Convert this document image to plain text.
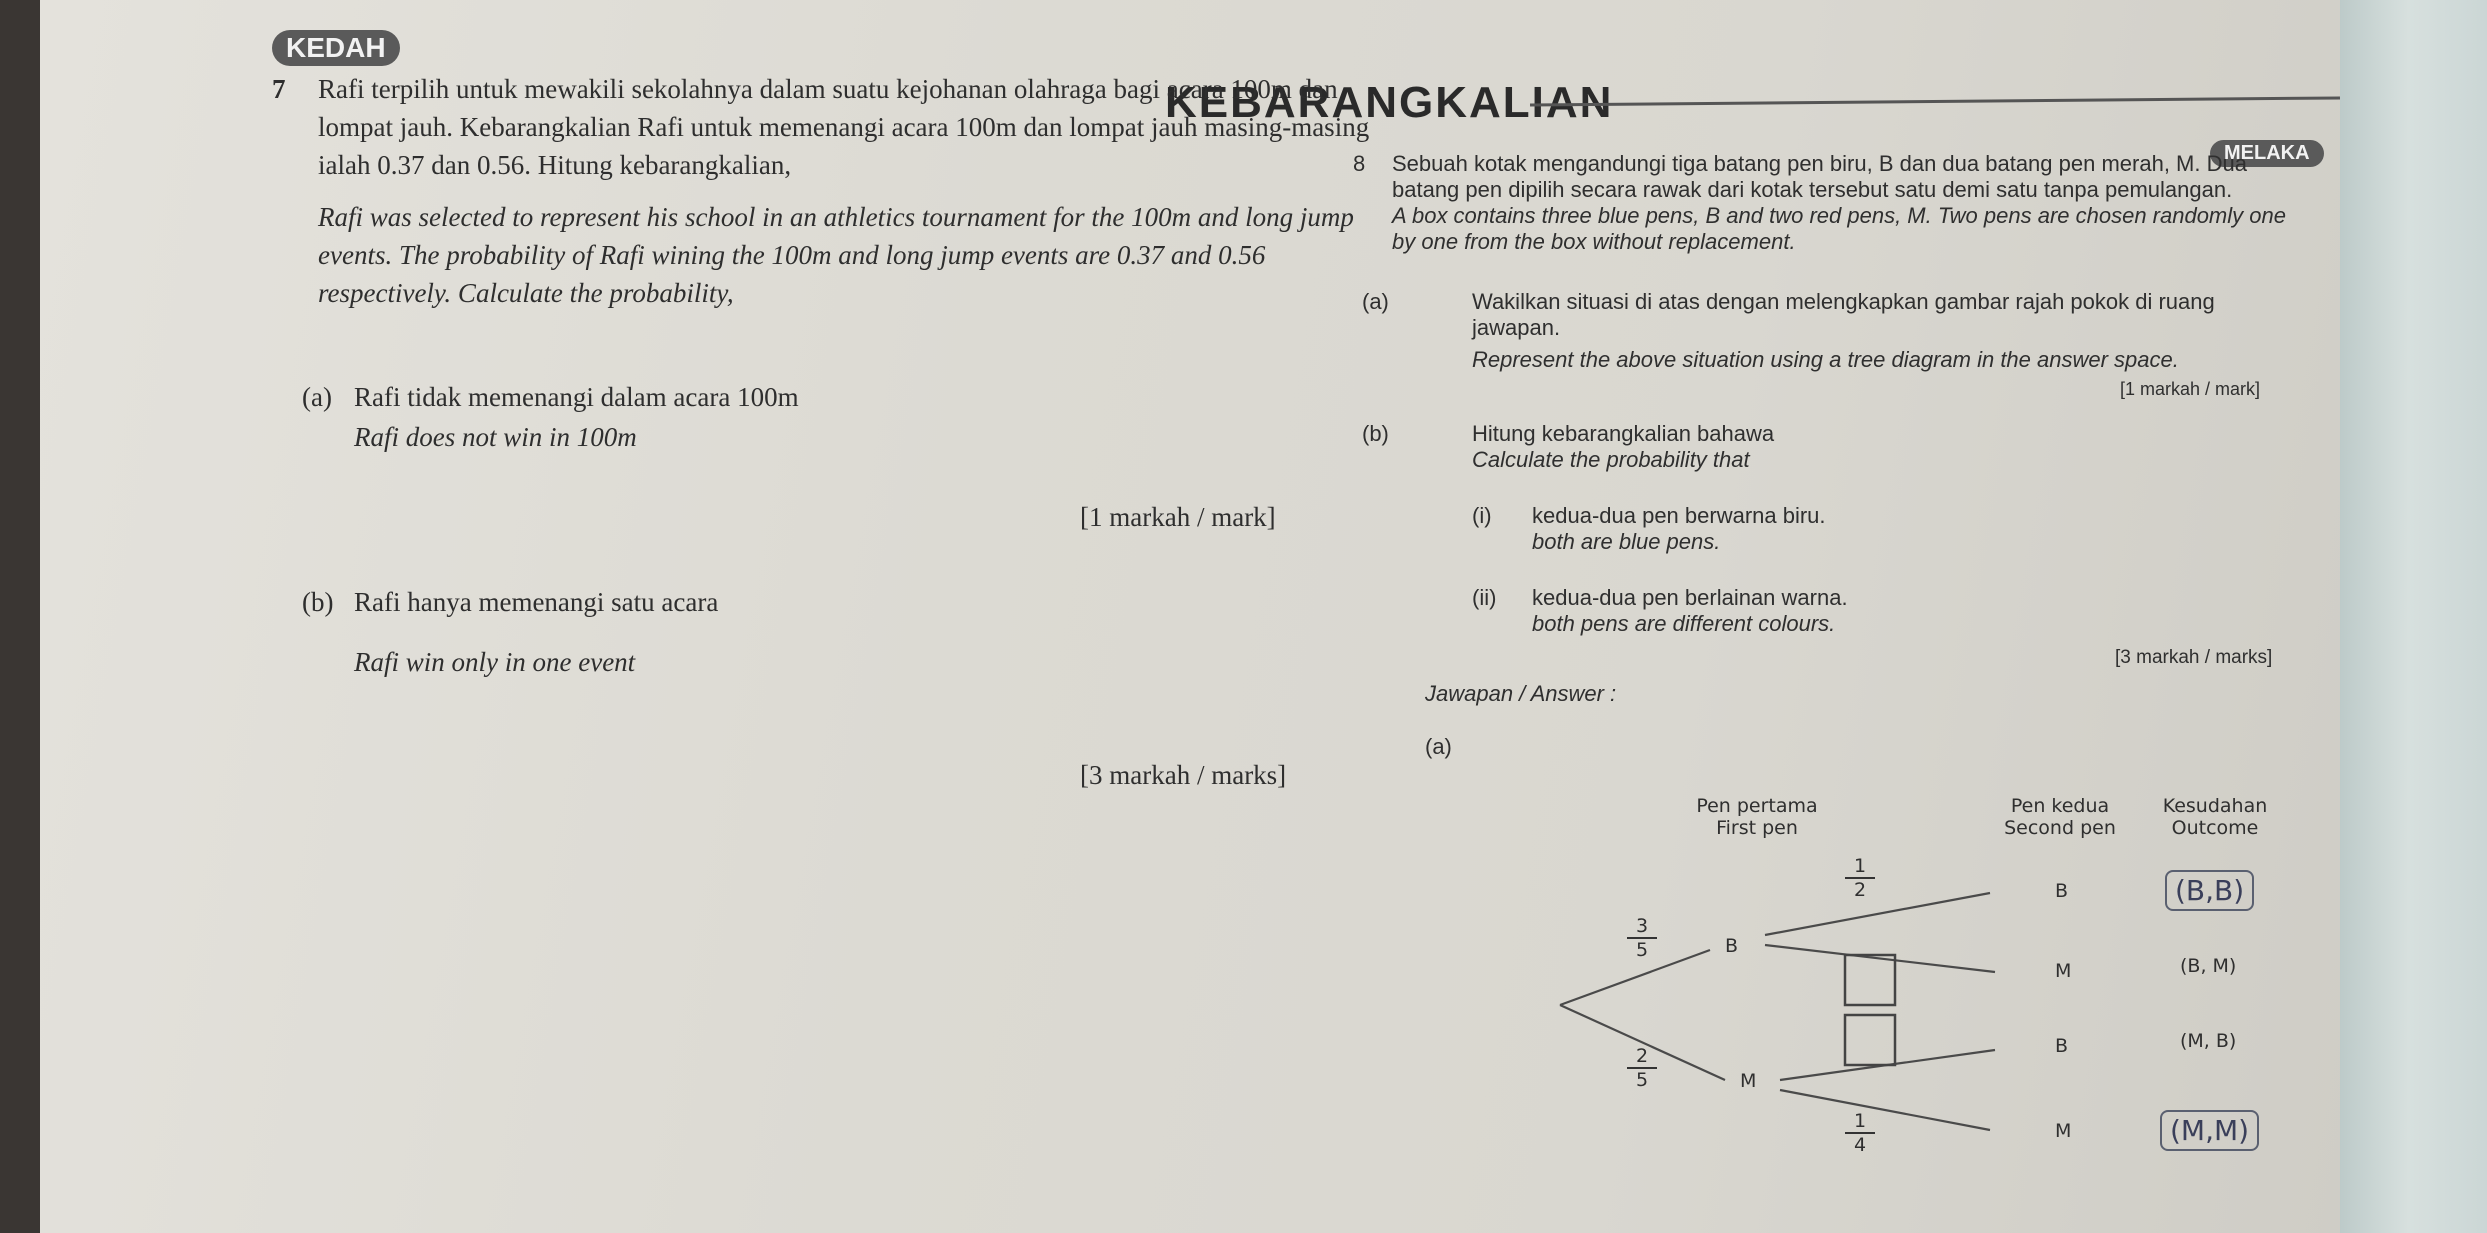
KEDAH
KEBARANGKALIAN
MELAKA
7 Rafi terpilih untuk mewakili sekolahnya dalam suatu kejohanan olahraga bagi acara 100m dan
lompat jauh. Kebarangkalian Rafi untuk memenangi acara 100m dan lompat jauh masing-masing
ialah 0.37 dan 0.56. Hitung kebarangkalian,
Rafi was selected to represent his school in an athletics tournament for the 100m and long jump
events. The probability of Rafi wining the 100m and long jump events are 0.37 and 0.56
respectively. Calculate the probability,
(a) Rafi tidak memenangi dalam acara 100m
Rafi does not win in 100m
[1 markah / mark]
(b) Rafi hanya memenangi satu acara
Rafi win only in one event
[3 markah / marks]
8 Sebuah kotak mengandungi tiga batang pen biru, B dan dua batang pen merah, M. Dua
batang pen dipilih secara rawak dari kotak tersebut satu demi satu tanpa pemulangan.
A box contains three blue pens, B and two red pens, M. Two pens are chosen randomly one
by one from the box without replacement.
(a)	Wakilkan situasi di atas dengan melengkapkan gambar rajah pokok di ruang
jawapan.
Represent the above situation using a tree diagram in the answer space.
[1 markah / mark]
(b)	Hitung kebarangkalian bahawa
Calculate the probability that
(i) kedua-dua pen berwarna biru.
both are blue pens.
(ii) kedua-dua pen berlainan warna.
both pens are different colours.
[3 markah / marks]
Jawapan / Answer :
(a)
Pen pertama
First pen
Pen kedua
Second pen
Kesudahan
Outcome
$\frac{3}{5}$
$\frac{2}{5}$
$\frac{1}{2}$
$\frac{1}{4}$
B
M
B
M
B
M
(B,B)
(B, M)
(M, B)
(M,M)
